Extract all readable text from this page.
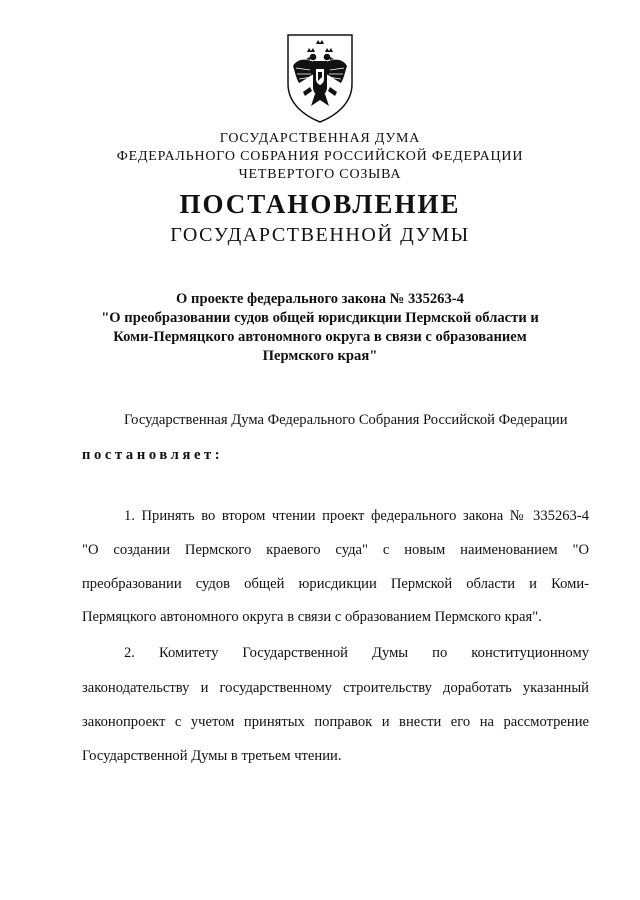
ГОСУДАРСТВЕННАЯ ДУМА
ФЕДЕРАЛЬНОГО СОБРАНИЯ РОССИЙСКОЙ ФЕДЕРАЦИИ
ЧЕТВЕРТОГО СОЗЫВА
ПОСТАНОВЛЕНИЕ
ГОСУДАРСТВЕННОЙ ДУМЫ
О проекте федерального закона № 335263-4
"О преобразовании судов общей юрисдикции Пермской области и
Коми-Пермяцкого автономного округа в связи с образованием
Пермского края"
Государственная Дума Федерального Собрания Российской Федерации
постановляет:
1. Принять во втором чтении проект федерального закона № 335263-4
"О создании Пермского краевого суда" с новым наименованием "О
преобразовании судов общей юрисдикции Пермской области и Коми-
Пермяцкого автономного округа в связи с образованием Пермского края".
2. Комитету Государственной Думы по конституционному
законодательству и государственному строительству доработать указанный
законопроект с учетом принятых поправок и внести его на рассмотрение
Государственной Думы в третьем чтении.
